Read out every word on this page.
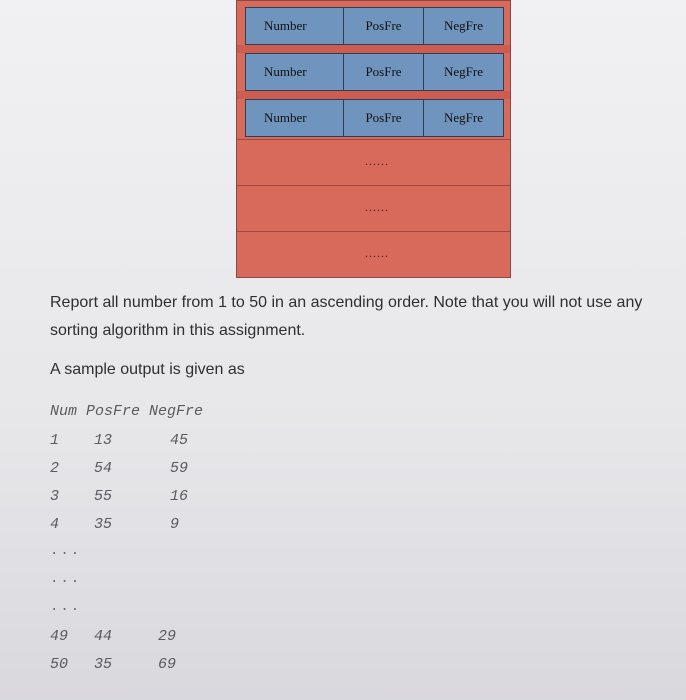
Number	PosFre	NegFre
Number	PosFre	NegFre
Number	PosFre	NegFre
......
......
......
Report all number from 1 to 50 in an ascending order. Note that you will not use any sorting algorithm in this assignment.
A sample output is given as
Num PosFre NegFre
1 13	45
2 54	59
3 55	16
4 35	9
...
...
...
49 44	29
50 35	69
